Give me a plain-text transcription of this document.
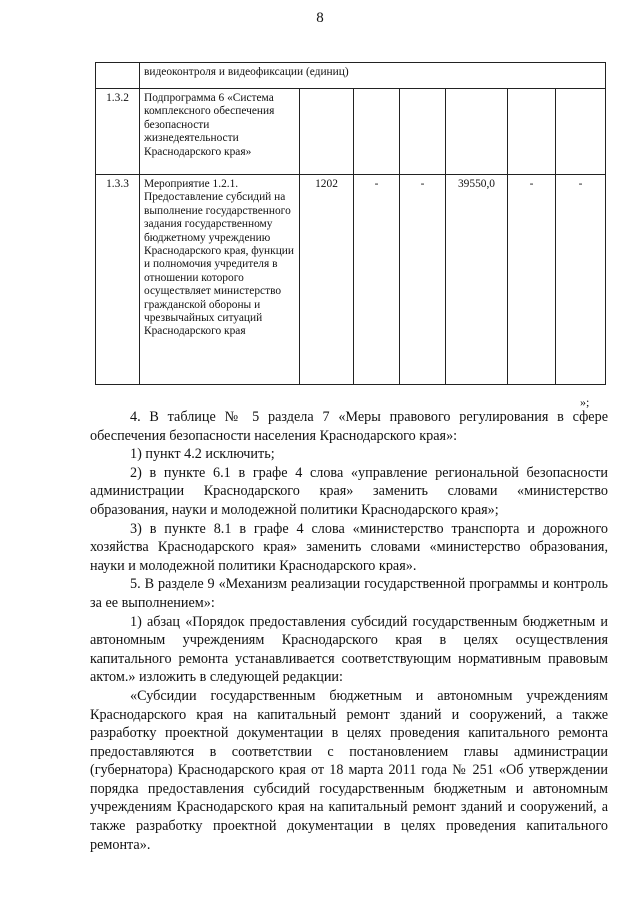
8
	видеоконтроля и видеофиксации (единиц)						
1.3.2	Подпрограмма 6 «Система комплексного обеспечения безопасности жизнедеятельности Краснодарского края»						
1.3.3	Мероприятие 1.2.1. Предоставление субсидий на выполнение государственного задания государственному бюджетному учреждению Краснодарского края, функции и полномочия учредителя в отношении которого осуществляет министерство гражданской обороны и чрезвычайных ситуаций Краснодарского края	1202	-	-	39550,0	-	-
»;

4. В таблице № 5 раздела 7 «Меры правового регулирования в сфере обеспечения безопасности населения Краснодарского края»:

1) пункт 4.2 исключить;

2) в пункте 6.1 в графе 4 слова «управление региональной безопасности администрации Краснодарского края» заменить словами «министерство образования, науки и молодежной политики Краснодарского края»;

3) в пункте 8.1 в графе 4 слова «министерство транспорта и дорожного хозяйства Краснодарского края» заменить словами «министерство образования, науки и молодежной политики Краснодарского края».

5. В разделе 9 «Механизм реализации государственной программы и контроль за ее выполнением»:

1) абзац «Порядок предоставления субсидий государственным бюджетным и автономным учреждениям Краснодарского края в целях осуществления капитального ремонта устанавливается соответствующим нормативным правовым актом.» изложить в следующей редакции:

«Субсидии государственным бюджетным и автономным учреждениям Краснодарского края на капитальный ремонт зданий и сооружений, а также разработку проектной документации в целях проведения капитального ремонта предоставляются в соответствии с постановлением главы администрации (губернатора) Краснодарского края от 18 марта 2011 года № 251 «Об утверждении порядка предоставления субсидий государственным бюджетным и автономным учреждениям Краснодарского края на капитальный ремонт зданий и сооружений, а также разработку проектной документации в целях проведения капитального ремонта».
